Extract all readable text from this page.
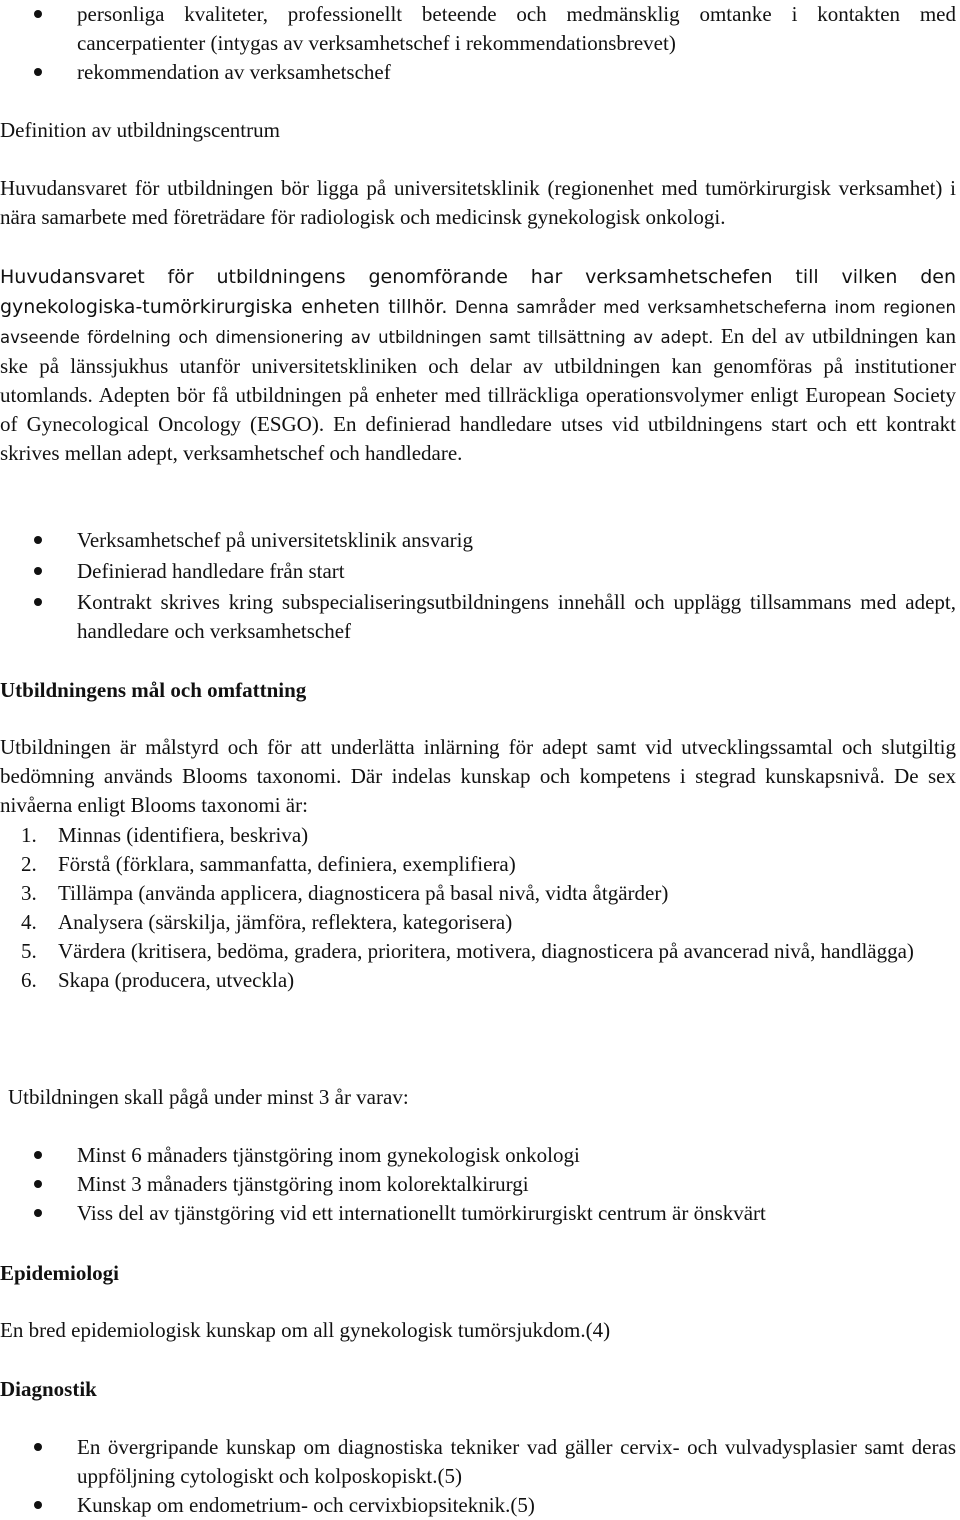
personliga kvaliteter, professionellt beteende och medmänsklig omtanke i kontakten med cancerpatienter (intygas av verksamhetschef i rekommendationsbrevet)
rekommendation av verksamhetschef

Definition av utbildningscentrum

Huvudansvaret för utbildningen bör ligga på universitetsklinik (regionenhet med tumörkirurgisk verksamhet) i nära samarbete med företrädare för radiologisk och medicinsk gynekologisk onkologi.

Huvudansvaret för utbildningens genomförande har verksamhetschefen till vilken den gynekologiska-tumörkirurgiska enheten tillhör. Denna samråder med verksamhetscheferna inom regionen avseende fördelning och dimensionering av utbildningen samt tillsättning av adept. En del av utbildningen kan ske på länssjukhus utanför universitetskliniken och delar av utbildningen kan genomföras på institutioner utomlands. Adepten bör få utbildningen på enheter med tillräckliga operationsvolymer enligt European Society of Gynecological Oncology (ESGO). En definierad handledare utses vid utbildningens start och ett kontrakt skrives mellan adept, verksamhetschef och handledare.

Verksamhetschef på universitetsklinik ansvarig
Definierad handledare från start
Kontrakt skrives kring subspecialiseringsutbildningens innehåll och upplägg tillsammans med adept, handledare och verksamhetschef

Utbildningens mål och omfattning

Utbildningen är målstyrd och för att underlätta inlärning för adept samt vid utvecklingssamtal och slutgiltig bedömning används Blooms taxonomi. Där indelas kunskap och kompetens i stegrad kunskapsnivå. De sex nivåerna enligt Blooms taxonomi är:

1. Minnas (identifiera, beskriva)
2. Förstå (förklara, sammanfatta, definiera, exemplifiera)
3. Tillämpa (använda applicera, diagnosticera på basal nivå, vidta åtgärder)
4. Analysera (särskilja, jämföra, reflektera, kategorisera)
5. Värdera (kritisera, bedöma, gradera, prioritera, motivera, diagnosticera på avancerad nivå, handlägga)
6. Skapa (producera, utveckla)

Utbildningen skall pågå under minst 3 år varav:

Minst 6 månaders tjänstgöring inom gynekologisk onkologi
Minst 3 månaders tjänstgöring inom kolorektalkirurgi
Viss del av tjänstgöring vid ett internationellt tumörkirurgiskt centrum är önskvärt

Epidemiologi

En bred epidemiologisk kunskap om all gynekologisk tumörsjukdom.(4)

Diagnostik

En övergripande kunskap om diagnostiska tekniker vad gäller cervix- och vulvadysplasier samt deras uppföljning cytologiskt och kolposkopiskt.(5)
Kunskap om endometrium- och cervixbiopsiteknik.(5)
